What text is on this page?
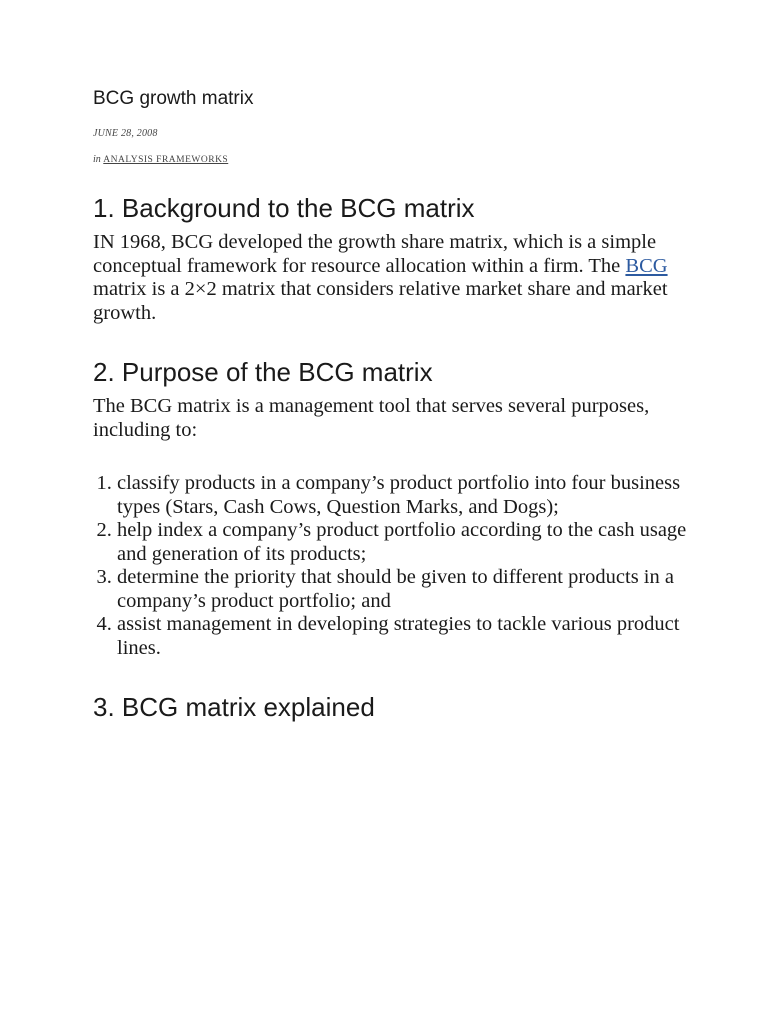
BCG growth matrix
JUNE 28, 2008
in ANALYSIS FRAMEWORKS
1. Background to the BCG matrix

IN 1968, BCG developed the growth share matrix, which is a simple conceptual framework for resource allocation within a firm. The BCG matrix is a 2×2 matrix that considers relative market share and market growth.

2. Purpose of the BCG matrix

The BCG matrix is a management tool that serves several purposes, including to:

1. classify products in a company’s product portfolio into four business types (Stars, Cash Cows, Question Marks, and Dogs);
2. help index a company’s product portfolio according to the cash usage and generation of its products;
3. determine the priority that should be given to different products in a company’s product portfolio; and
4. assist management in developing strategies to tackle various product lines.
3. BCG matrix explained
